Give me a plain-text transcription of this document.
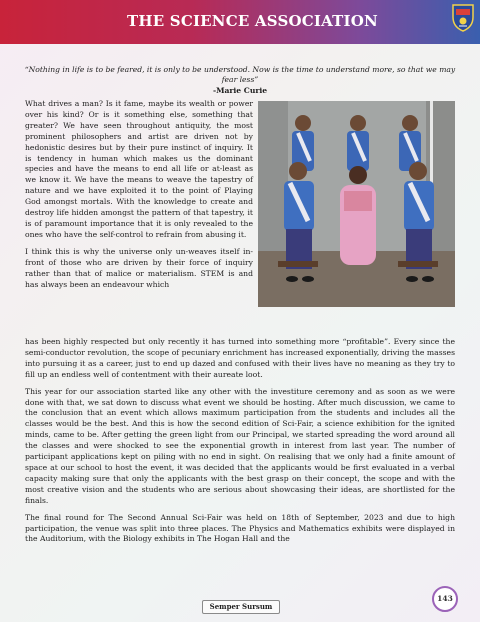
THE SCIENCE ASSOCIATION
“Nothing in life is to be feared, it is only to be understood. Now is the time to understand more, so that we may fear less”
-Marie Curie

What drives a man? Is it fame, maybe its wealth or power over his kind? Or is it something else, something that greater? We have seen throughout antiquity, the most prominent philosophers and artist are driven not by hedonistic desires but by their pure instinct of inquiry. It is tendency in human which makes us the dominant species and have the means to end all life or at-least as we know it. We have the means to weave the tapestry of nature and we have exploited it to the point of Playing God amongst mortals. With the knowledge to create and destroy life hidden amongst the pattern of that tapestry, it is of paramount importance that it is only revealed to the ones who have the self-control to refrain from abusing it.

I think this is why the universe only un-weaves itself in-front of those who are driven by their force of inquiry rather than that of malice or materialism. STEM is and has always been an endeavour which

has been highly respected but only recently it has turned into something more “profitable”. Every since the semi-conductor revolution, the scope of pecuniary enrichment has increased exponentially, driving the masses into pursuing it as a career, just to end up dazed and confused with their lives have no meaning as they try to fill up an endless well of contentment with their aureate loot.

This year for our association started like any other with the investiture ceremony and as soon as we were done with that, we sat down to discuss what event we should be hosting. After much discussion, we came to the conclusion that an event which allows maximum participation from the students and includes all the classes would be the best. And this is how the second edition of Sci-Fair, a science exhibition for the ignited minds, came to be. After getting the green light from our Principal, we started spreading the word around all the classes and were shocked to see the exponential growth in interest from last year. The number of participant applications kept on piling with no end in sight. On realising that we only had a finite amount of space at our school to host the event, it was decided that the applicants would be first evaluated in a verbal capacity making sure that only the applicants with the best grasp on their concept, the scope and with the most creative vision and the students who are serious about showcasing their ideas, are shortlisted for the finals.

The final round for The Second Annual Sci-Fair was held on 18th of September, 2023 and due to high participation, the venue was split into three places. The Physics and Mathematics exhibits were displayed in the Auditorium, with the Biology exhibits in The Hogan Hall and the

Semper Sursum
143
